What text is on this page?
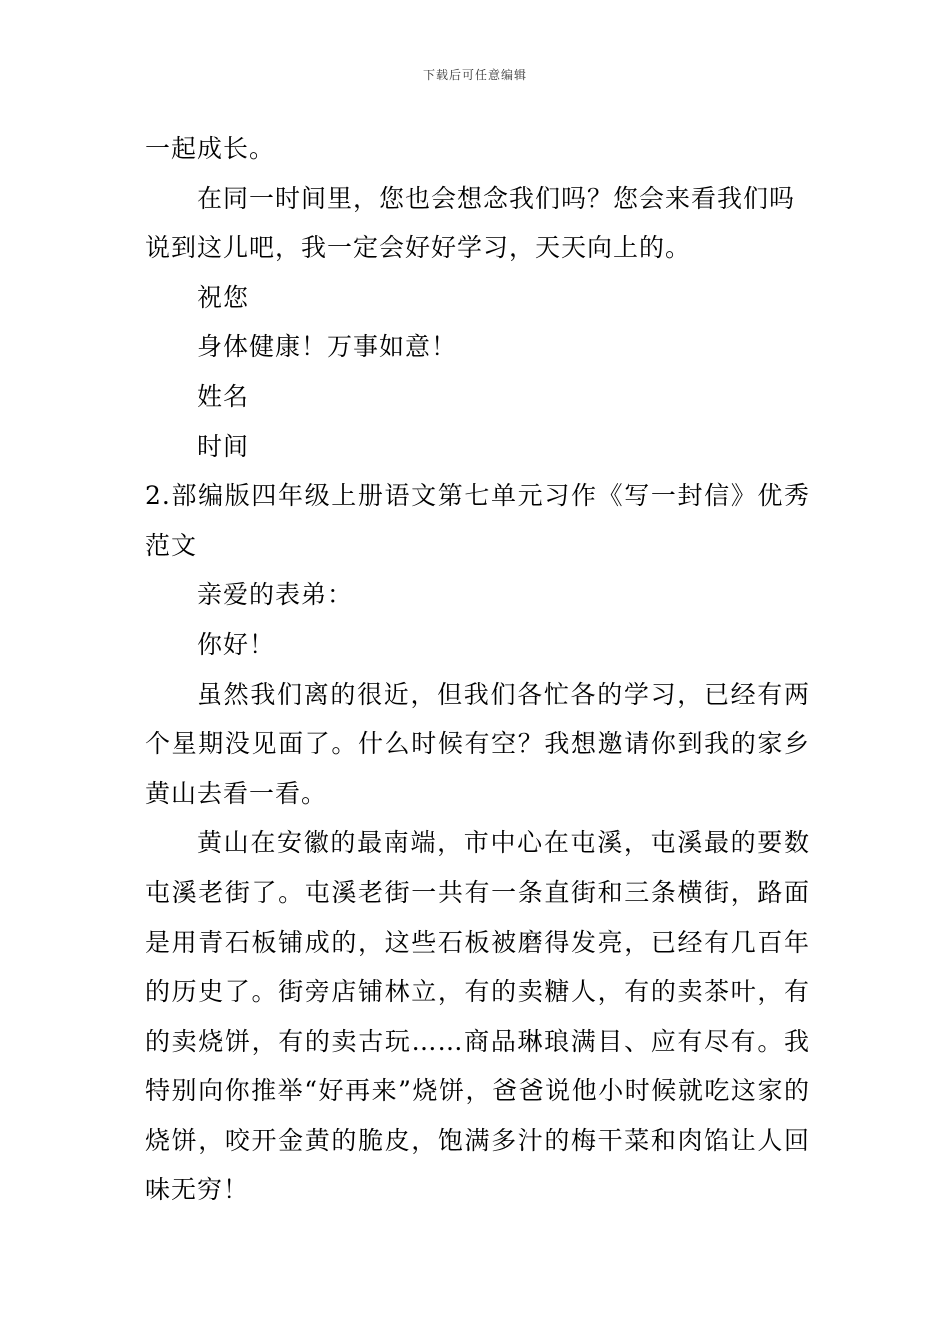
下载后可任意编辑

一起成长。

在同一时间里，您也会想念我们吗？您会来看我们吗

说到这儿吧，我一定会好好学习，天天向上的。

祝您

身体健康！万事如意！

姓名

时间

2.部编版四年级上册语文第七单元习作《写一封信》优秀范文

亲爱的表弟：

你好！

虽然我们离的很近，但我们各忙各的学习，已经有两个星期没见面了。什么时候有空？我想邀请你到我的家乡黄山去看一看。

黄山在安徽的最南端，市中心在屯溪，屯溪最的要数屯溪老街了。屯溪老街一共有一条直街和三条横街，路面是用青石板铺成的，这些石板被磨得发亮，已经有几百年的历史了。街旁店铺林立，有的卖糖人，有的卖茶叶，有的卖烧饼，有的卖古玩……商品琳琅满目、应有尽有。我特别向你推举“好再来”烧饼，爸爸说他小时候就吃这家的烧饼，咬开金黄的脆皮，饱满多汁的梅干菜和肉馅让人回味无穷！
